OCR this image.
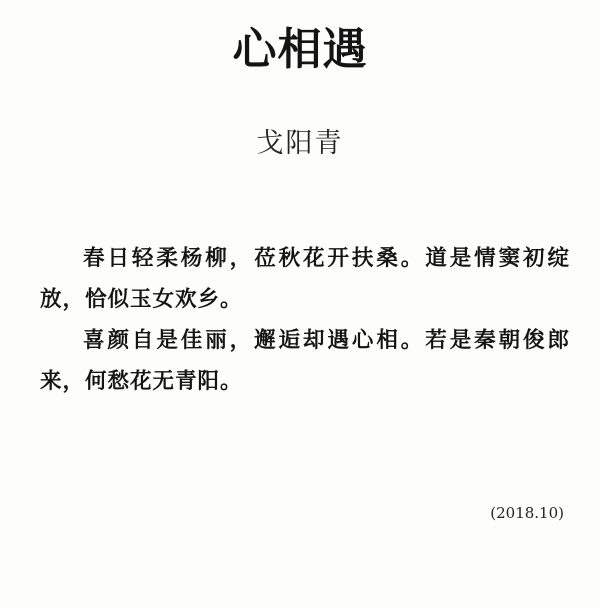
心相遇
戈阳青

春日轻柔杨柳，莅秋花开扶桑。道是情窦初绽放，恰似玉女欢乡。

喜颜自是佳丽，邂逅却遇心相。若是秦朝俊郎来，何愁花无青阳。

(2018.10)
